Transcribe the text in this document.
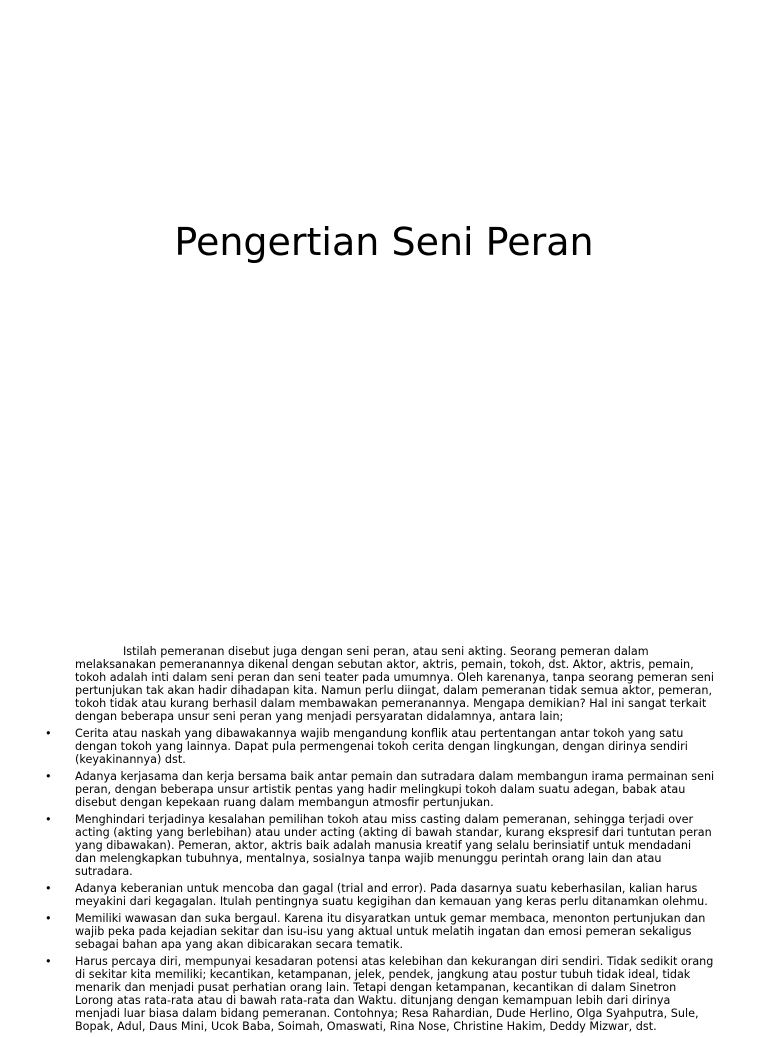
Pengertian Seni Peran

Istilah pemeranan disebut juga dengan seni peran, atau seni akting. Seorang pemeran dalam melaksanakan pemeranannya dikenal dengan sebutan aktor, aktris, pemain, tokoh, dst. Aktor, aktris, pemain, tokoh adalah inti dalam seni peran dan seni teater pada umumnya. Oleh karenanya, tanpa seorang pemeran seni pertunjukan tak akan hadir dihadapan kita. Namun perlu diingat, dalam pemeranan tidak semua aktor, pemeran, tokoh tidak atau kurang berhasil dalam membawakan pemeranannya. Mengapa demikian? Hal ini sangat terkait dengan beberapa unsur seni peran yang menjadi persyaratan didalamnya, antara lain;

•	Cerita atau naskah yang dibawakannya wajib mengandung konflik atau pertentangan antar tokoh yang satu dengan tokoh yang lainnya. Dapat pula permengenai tokoh cerita dengan lingkungan, dengan dirinya sendiri (keyakinannya) dst.
•	Adanya kerjasama dan kerja bersama baik antar pemain dan sutradara dalam membangun irama permainan seni peran, dengan beberapa unsur artistik pentas yang hadir melingkupi tokoh dalam suatu adegan, babak atau disebut dengan kepekaan ruang dalam membangun atmosfir pertunjukan.
•	Menghindari terjadinya kesalahan pemilihan tokoh atau miss casting dalam pemeranan, sehingga terjadi over acting (akting yang berlebihan) atau under acting (akting di bawah standar, kurang ekspresif dari tuntutan peran yang dibawakan). Pemeran, aktor, aktris baik adalah manusia kreatif yang selalu berinsiatif untuk mendadani dan melengkapkan tubuhnya, mentalnya, sosialnya tanpa wajib menunggu perintah orang lain dan atau sutradara.
•	Adanya keberanian untuk mencoba dan gagal (trial and error). Pada dasarnya suatu keberhasilan, kalian harus meyakini dari kegagalan. Itulah pentingnya suatu kegigihan dan kemauan yang keras perlu ditanamkan olehmu.
•	Memiliki wawasan dan suka bergaul. Karena itu disyaratkan untuk gemar membaca, menonton pertunjukan dan wajib peka pada kejadian sekitar dan isu-isu yang aktual untuk melatih ingatan dan emosi pemeran sekaligus sebagai bahan apa yang akan dibicarakan secara tematik.
•	Harus percaya diri, mempunyai kesadaran potensi atas kelebihan dan kekurangan diri sendiri. Tidak sedikit orang di sekitar kita memiliki; kecantikan, ketampanan, jelek, pendek, jangkung atau postur tubuh tidak ideal, tidak menarik dan menjadi pusat perhatian orang lain. Tetapi dengan ketampanan, kecantikan di dalam Sinetron Lorong atas rata-rata atau di bawah rata-rata dan Waktu. ditunjang dengan kemampuan lebih dari dirinya menjadi luar biasa dalam bidang pemeranan. Contohnya; Resa Rahardian, Dude Herlino, Olga Syahputra, Sule, Bopak, Adul, Daus Mini, Ucok Baba, Soimah, Omaswati, Rina Nose, Christine Hakim, Deddy Mizwar, dst.
